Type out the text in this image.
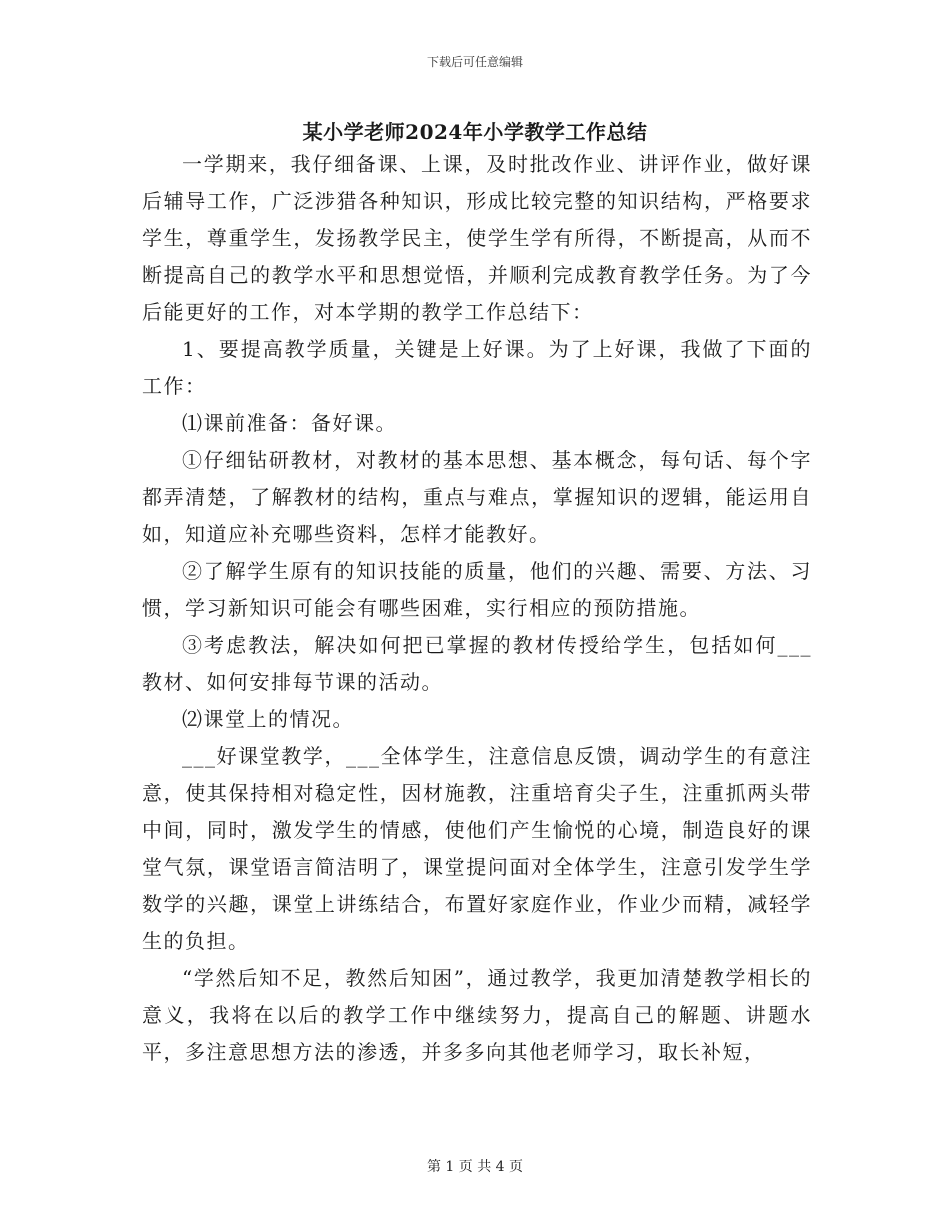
下载后可任意编辑
某小学老师2024年小学教学工作总结

一学期来，我仔细备课、上课，及时批改作业、讲评作业，做好课后辅导工作，广泛涉猎各种知识，形成比较完整的知识结构，严格要求学生，尊重学生，发扬教学民主，使学生学有所得，不断提高，从而不断提高自己的教学水平和思想觉悟，并顺利完成教育教学任务。为了今后能更好的工作，对本学期的教学工作总结下：

1、要提高教学质量，关键是上好课。为了上好课，我做了下面的工作：

⑴课前准备：备好课。

①仔细钻研教材，对教材的基本思想、基本概念，每句话、每个字都弄清楚，了解教材的结构，重点与难点，掌握知识的逻辑，能运用自如，知道应补充哪些资料，怎样才能教好。

②了解学生原有的知识技能的质量，他们的兴趣、需要、方法、习惯，学习新知识可能会有哪些困难，实行相应的预防措施。

③考虑教法，解决如何把已掌握的教材传授给学生，包括如何___教材、如何安排每节课的活动。

⑵课堂上的情况。

___好课堂教学，___全体学生，注意信息反馈，调动学生的有意注意，使其保持相对稳定性，因材施教，注重培育尖子生，注重抓两头带中间，同时，激发学生的情感，使他们产生愉悦的心境，制造良好的课堂气氛，课堂语言简洁明了，课堂提问面对全体学生，注意引发学生学数学的兴趣，课堂上讲练结合，布置好家庭作业，作业少而精，减轻学生的负担。

“学然后知不足，教然后知困”，通过教学，我更加清楚教学相长的意义，我将在以后的教学工作中继续努力，提高自己的解题、讲题水平，多注意思想方法的渗透，并多多向其他老师学习，取长补短，

第 1 页 共 4 页
